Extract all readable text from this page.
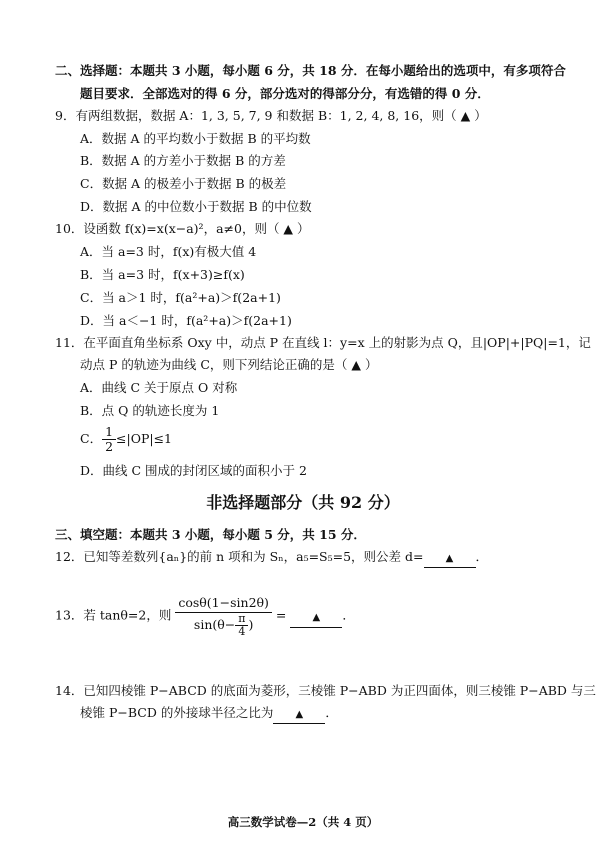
二、选择题：本题共 3 小题，每小题 6 分，共 18 分．在每小题给出的选项中，有多项符合
题目要求．全部选对的得 6 分，部分选对的得部分分，有选错的得 0 分．
9．有两组数据，数据 A：1, 3, 5, 7, 9 和数据 B：1, 2, 4, 8, 16，则（ ▲ ）
A．数据 A 的平均数小于数据 B 的平均数
B．数据 A 的方差小于数据 B 的方差
C．数据 A 的极差小于数据 B 的极差
D．数据 A 的中位数小于数据 B 的中位数
10．设函数 f(x)=x(x−a)²，a≠0，则（ ▲ ）
A．当 a=3 时，f(x)有极大值 4
B．当 a=3 时，f(x+3)≥f(x)
C．当 a＞1 时，f(a²+a)＞f(2a+1)
D．当 a＜−1 时，f(a²+a)＞f(2a+1)
11．在平面直角坐标系 Oxy 中，动点 P 在直线 l：y=x 上的射影为点 Q，且|OP|+|PQ|=1，记
动点 P 的轨迹为曲线 C，则下列结论正确的是（ ▲ ）
A．曲线 C 关于原点 O 对称
B．点 Q 的轨迹长度为 1
C． $\frac{1}{2} \le|OP|\le 1$
D．曲线 C 围成的封闭区域的面积小于 2
非选择题部分（共 92 分）
三、填空题：本题共 3 小题，每小题 5 分，共 15 分．
12．已知等差数列{aₙ}的前 n 项和为 Sₙ，a₅=S₅=5，则公差 d= ▲ ．
13．若 tanθ=2，则 $\frac{\cos\theta(1-\sin 2\theta)}{\sin(\theta- \frac{\pi}{4} )}$ =	▲ ．
14．已知四棱锥 P−ABCD 的底面为菱形，三棱锥 P−ABD 为正四面体，则三棱锥 P−ABD 与三
棱锥 P−BCD 的外接球半径之比为 ▲ ．
高三数学试卷—2（共 4 页）
